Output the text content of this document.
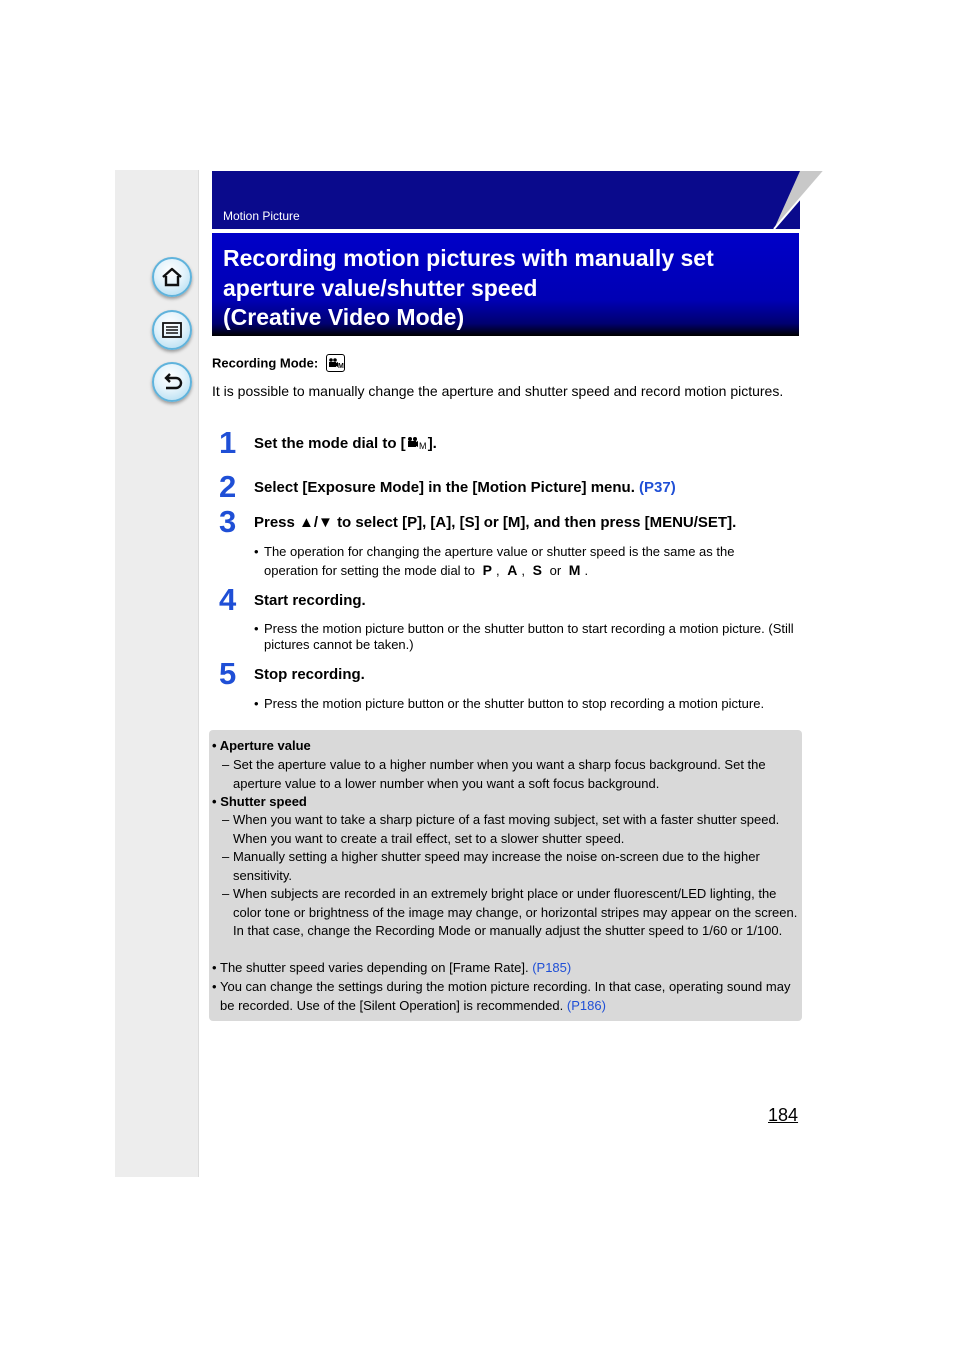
Motion Picture
Recording motion pictures with manually set
aperture value/shutter speed
(Creative Video Mode)
Recording Mode:	M
It is possible to manually change the aperture and shutter speed and record motion pictures.
1 Set the mode dial to [ M ].
2 Select [Exposure Mode] in the [Motion Picture] menu. (P37)
3 Press ▲/▼ to select [P], [A], [S] or [M], and then press [MENU/SET].
• The operation for changing the aperture value or shutter speed is the same as the
operation for setting the mode dial to P , A , S or M .
4 Start recording.
• Press the motion picture button or the shutter button to start recording a motion picture. (Still pictures cannot be taken.)
5 Stop recording.
• Press the motion picture button or the shutter button to stop recording a motion picture.
• Aperture value
– Set the aperture value to a higher number when you want a sharp focus background. Set the aperture value to a lower number when you want a soft focus background.
• Shutter speed
– When you want to take a sharp picture of a fast moving subject, set with a faster shutter speed. When you want to create a trail effect, set to a slower shutter speed.
– Manually setting a higher shutter speed may increase the noise on-screen due to the higher sensitivity.
– When subjects are recorded in an extremely bright place or under fluorescent/LED lighting, the color tone or brightness of the image may change, or horizontal stripes may appear on the screen. In that case, change the Recording Mode or manually adjust the shutter speed to 1/60 or 1/100.
• The shutter speed varies depending on [Frame Rate]. (P185)
• You can change the settings during the motion picture recording. In that case, operating sound may be recorded. Use of the [Silent Operation] is recommended. (P186)
184
